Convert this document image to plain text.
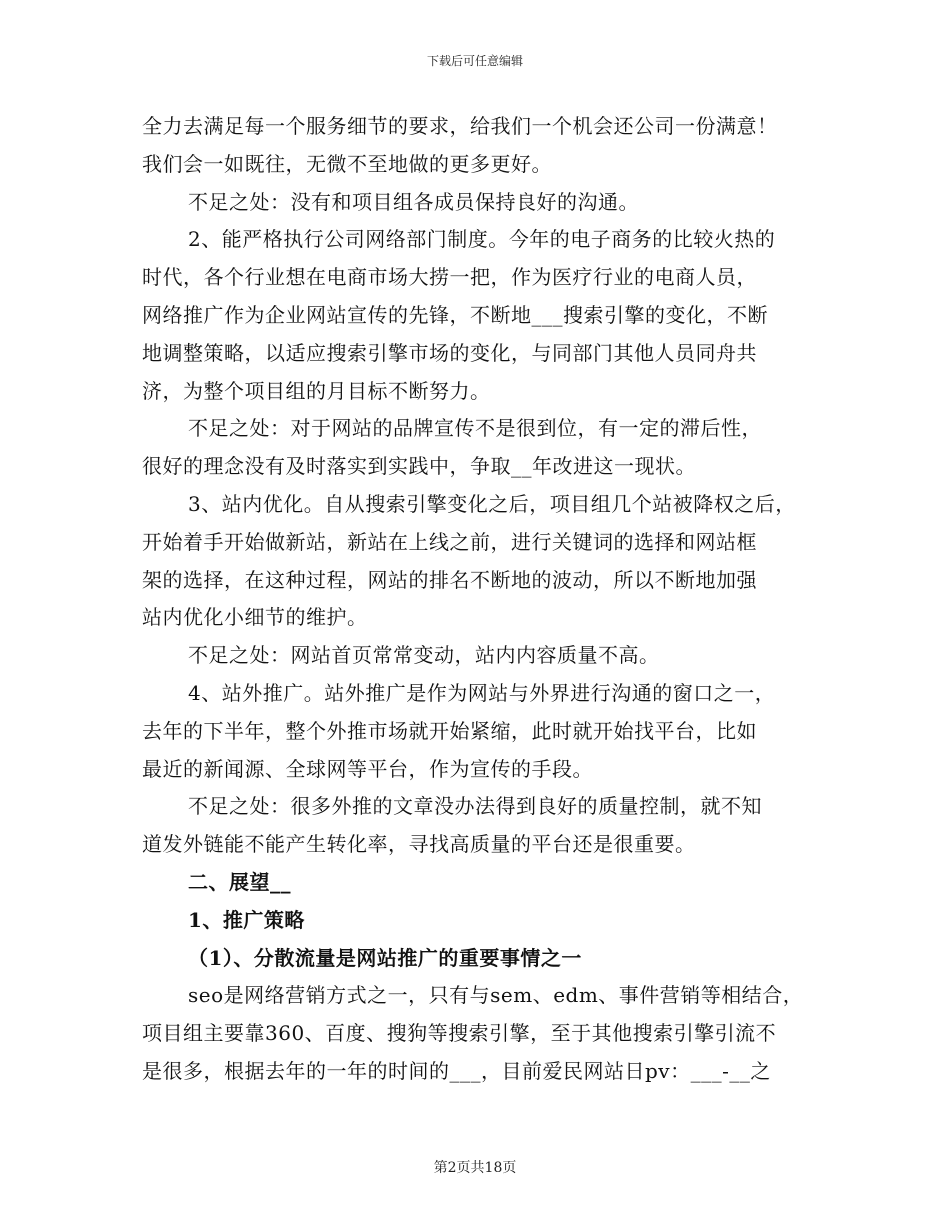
下载后可任意编辑
全力去满足每一个服务细节的要求，给我们一个机会还公司一份满意！
我们会一如既往，无微不至地做的更多更好。
不足之处：没有和项目组各成员保持良好的沟通。
2、能严格执行公司网络部门制度。今年的电子商务的比较火热的
时代，各个行业想在电商市场大捞一把，作为医疗行业的电商人员，
网络推广作为企业网站宣传的先锋，不断地___搜索引擎的变化，不断
地调整策略，以适应搜索引擎市场的变化，与同部门其他人员同舟共
济，为整个项目组的月目标不断努力。
不足之处：对于网站的品牌宣传不是很到位，有一定的滞后性，
很好的理念没有及时落实到实践中，争取__年改进这一现状。
3、站内优化。自从搜索引擎变化之后，项目组几个站被降权之后，
开始着手开始做新站，新站在上线之前，进行关键词的选择和网站框
架的选择，在这种过程，网站的排名不断地的波动，所以不断地加强
站内优化小细节的维护。
不足之处：网站首页常常变动，站内内容质量不高。
4、站外推广。站外推广是作为网站与外界进行沟通的窗口之一，
去年的下半年，整个外推市场就开始紧缩，此时就开始找平台，比如
最近的新闻源、全球网等平台，作为宣传的手段。
不足之处：很多外推的文章没办法得到良好的质量控制，就不知
道发外链能不能产生转化率，寻找高质量的平台还是很重要。
二、展望__
1、推广策略
（1）、分散流量是网站推广的重要事情之一
seo是网络营销方式之一，只有与sem、edm、事件营销等相结合，
项目组主要靠360、百度、搜狗等搜索引擎，至于其他搜索引擎引流不
是很多，根据去年的一年的时间的___，目前爱民网站日pv：___-__之
第2页共18页
